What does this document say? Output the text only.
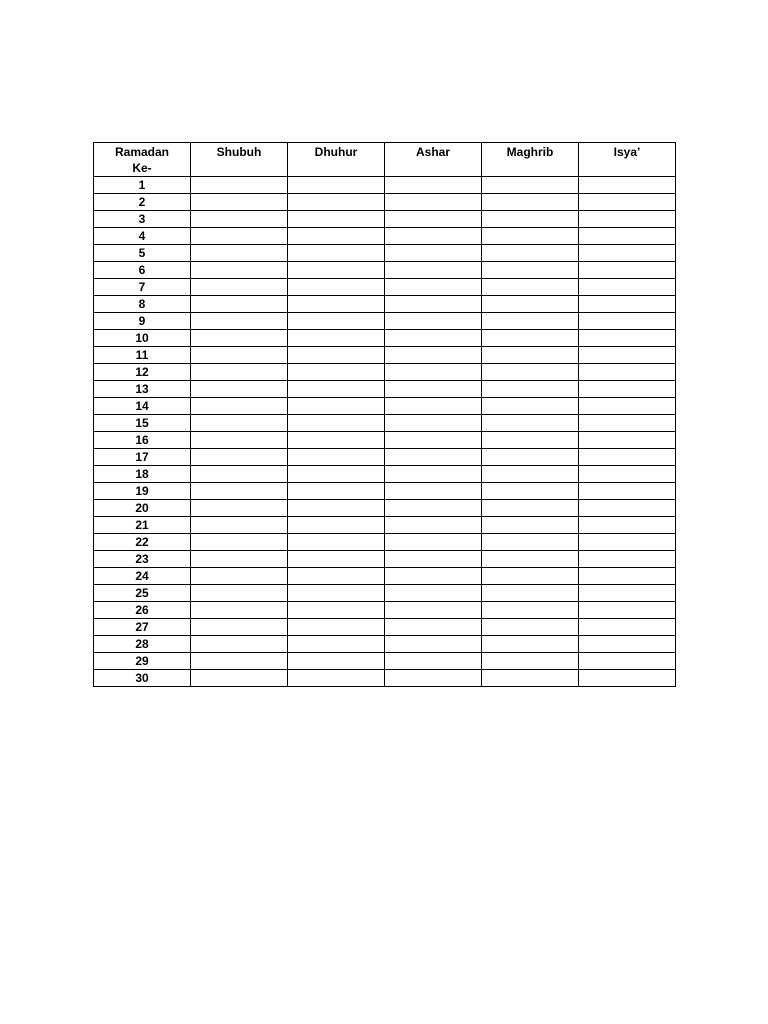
Ramadan
Ke-	Shubuh	Dhuhur	Ashar	Maghrib	Isya’
1					
2					
3					
4					
5					
6					
7					
8					
9					
10					
11					
12					
13					
14					
15					
16					
17					
18					
19					
20					
21					
22					
23					
24					
25					
26					
27					
28					
29					
30					
